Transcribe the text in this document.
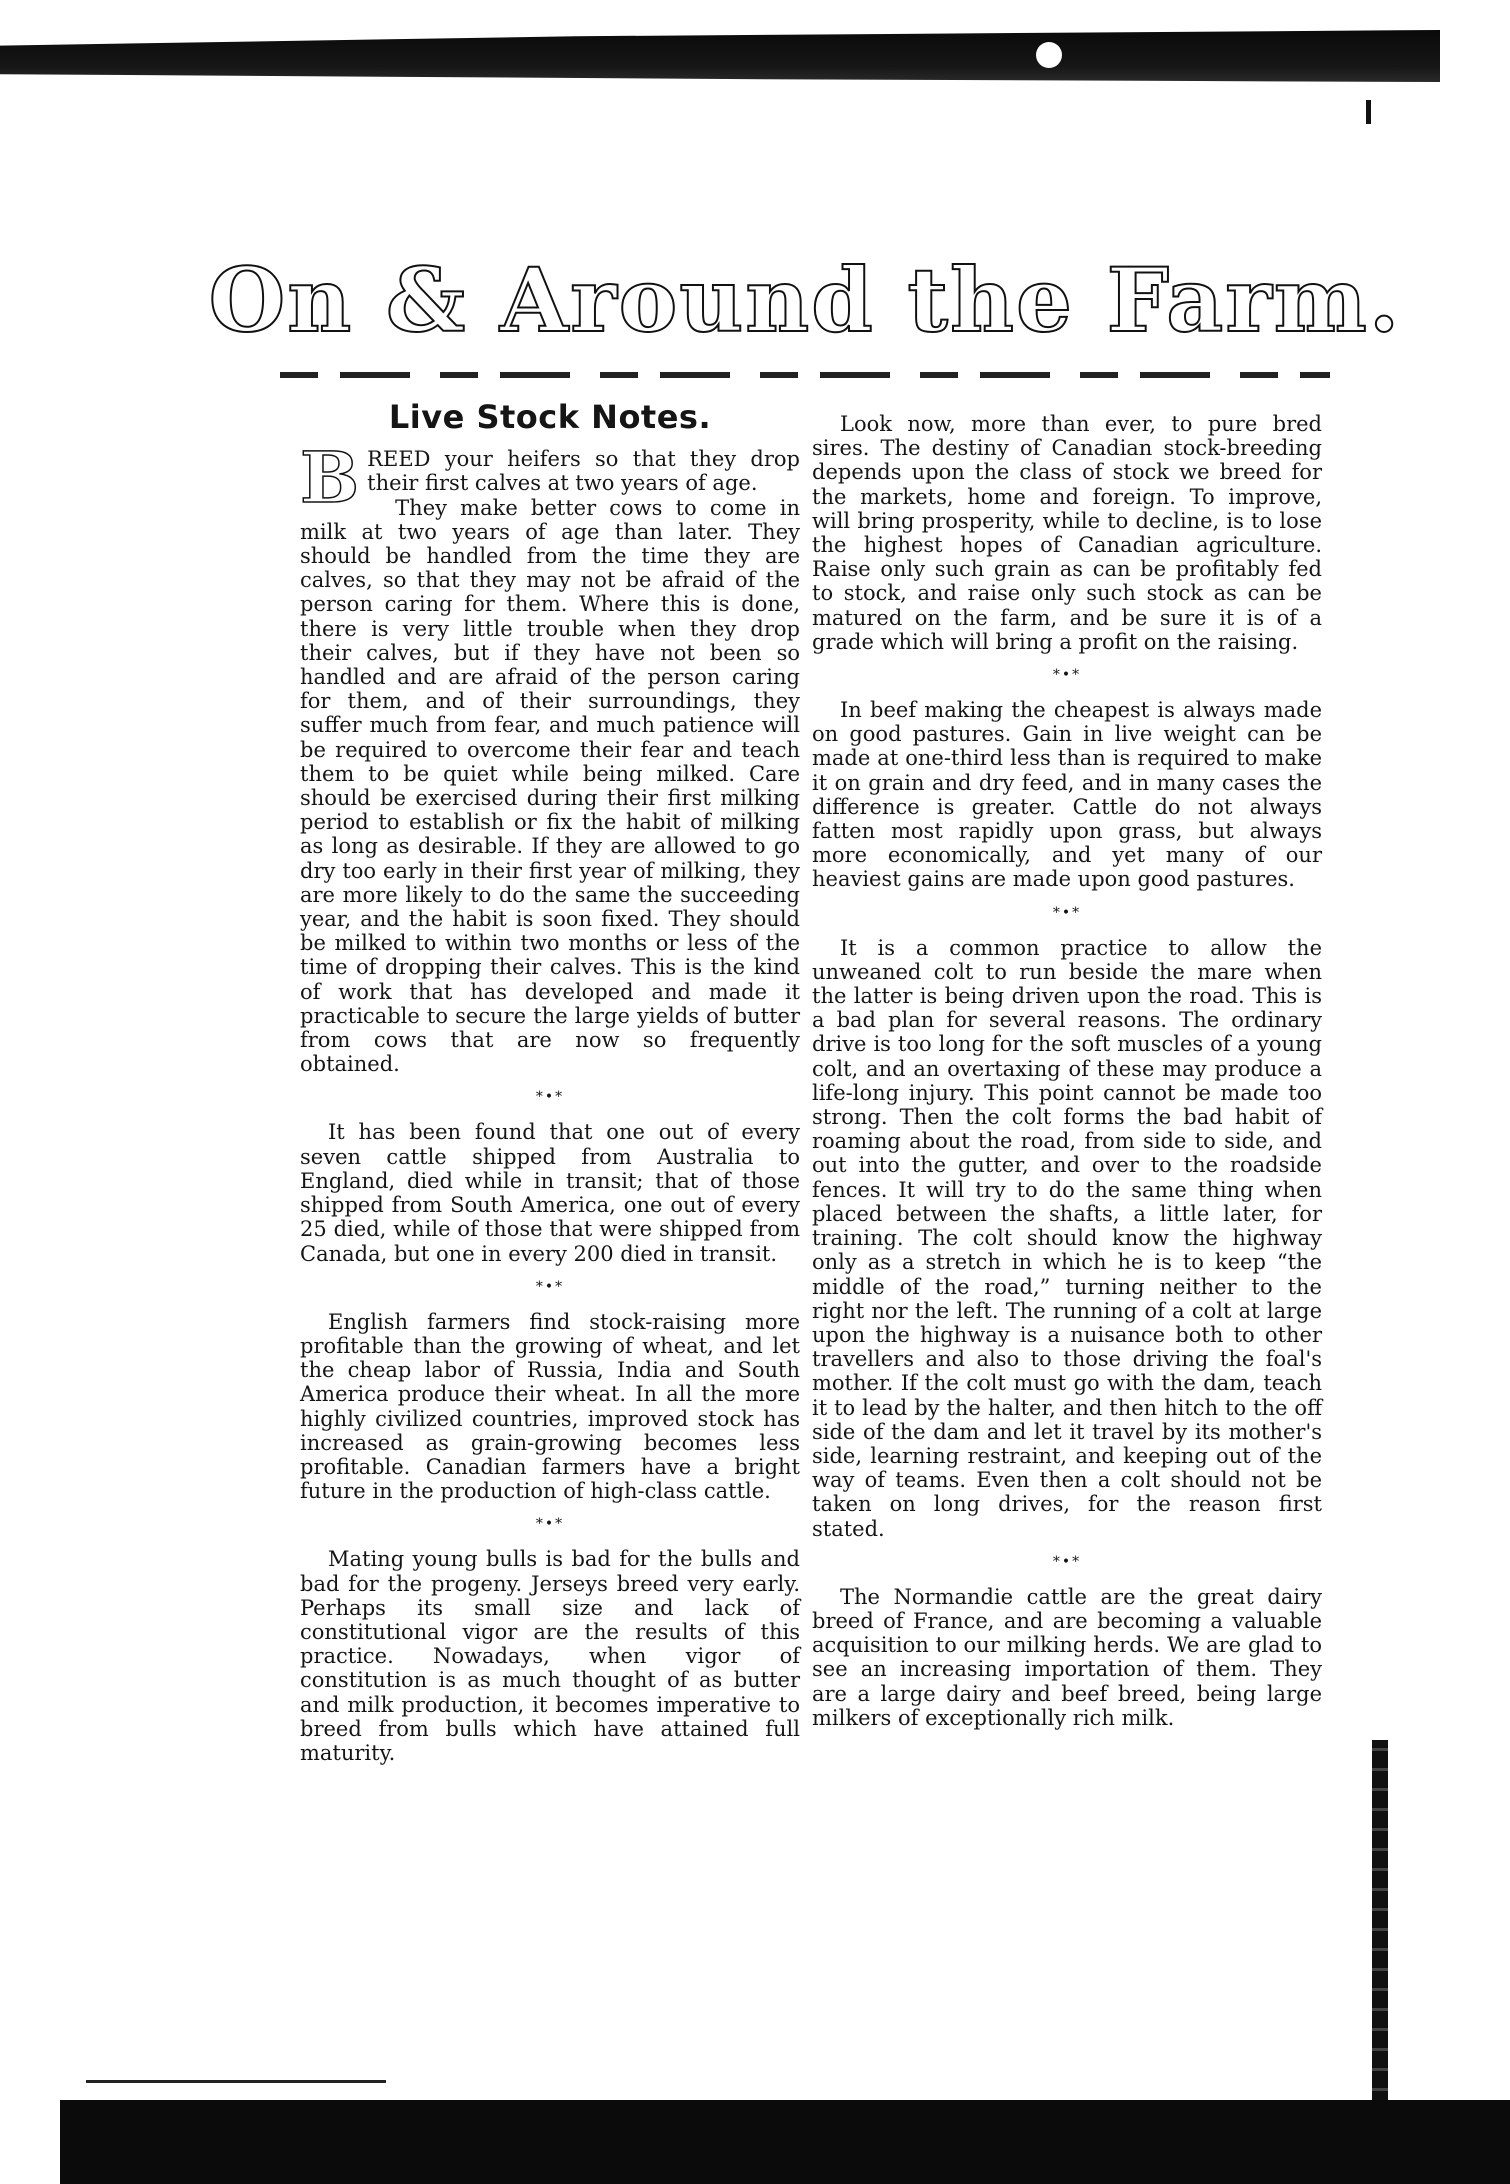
On & Around the Farm.
Live Stock Notes.

BREED your heifers so that they drop their first calves at two years of age.

They make better cows to come in milk at two years of age than later. They should be handled from the time they are calves, so that they may not be afraid of the person caring for them. Where this is done, there is very little trouble when they drop their calves, but if they have not been so handled and are afraid of the person caring for them, and of their surroundings, they suffer much from fear, and much patience will be required to overcome their fear and teach them to be quiet while being milked. Care should be exercised during their first milking period to establish or fix the habit of milking as long as desirable. If they are allowed to go dry too early in their first year of milking, they are more likely to do the same the succeeding year, and the habit is soon fixed. They should be milked to within two months or less of the time of dropping their calves. This is the kind of work that has developed and made it practicable to secure the large yields of butter from cows that are now so frequently obtained.

*•*

It has been found that one out of every seven cattle shipped from Australia to England, died while in transit; that of those shipped from South America, one out of every 25 died, while of those that were shipped from Canada, but one in every 200 died in transit.

*•*

English farmers find stock-raising more profitable than the growing of wheat, and let the cheap labor of Russia, India and South America produce their wheat. In all the more highly civilized countries, improved stock has increased as grain-growing becomes less profitable. Canadian farmers have a bright future in the production of high-class cattle.

*•*

Mating young bulls is bad for the bulls and bad for the progeny. Jerseys breed very early. Perhaps its small size and lack of constitutional vigor are the results of this practice. Nowadays, when vigor of constitution is as much thought of as butter and milk production, it becomes imperative to breed from bulls which have attained full maturity.

Look now, more than ever, to pure bred sires. The destiny of Canadian stock-breeding depends upon the class of stock we breed for the markets, home and foreign. To improve, will bring prosperity, while to decline, is to lose the highest hopes of Canadian agriculture. Raise only such grain as can be profitably fed to stock, and raise only such stock as can be matured on the farm, and be sure it is of a grade which will bring a profit on the raising.

*•*

In beef making the cheapest is always made on good pastures. Gain in live weight can be made at one-third less than is required to make it on grain and dry feed, and in many cases the difference is greater. Cattle do not always fatten most rapidly upon grass, but always more economically, and yet many of our heaviest gains are made upon good pastures.

*•*

It is a common practice to allow the unweaned colt to run beside the mare when the latter is being driven upon the road. This is a bad plan for several reasons. The ordinary drive is too long for the soft muscles of a young colt, and an overtaxing of these may produce a life-long injury. This point cannot be made too strong. Then the colt forms the bad habit of roaming about the road, from side to side, and out into the gutter, and over to the roadside fences. It will try to do the same thing when placed between the shafts, a little later, for training. The colt should know the highway only as a stretch in which he is to keep “the middle of the road,” turning neither to the right nor the left. The running of a colt at large upon the highway is a nuisance both to other travellers and also to those driving the foal's mother. If the colt must go with the dam, teach it to lead by the halter, and then hitch to the off side of the dam and let it travel by its mother's side, learning restraint, and keeping out of the way of teams. Even then a colt should not be taken on long drives, for the reason first stated.

*•*

The Normandie cattle are the great dairy breed of France, and are becoming a valuable acquisition to our milking herds. We are glad to see an increasing importation of them. They are a large dairy and beef breed, being large milkers of exceptionally rich milk.
